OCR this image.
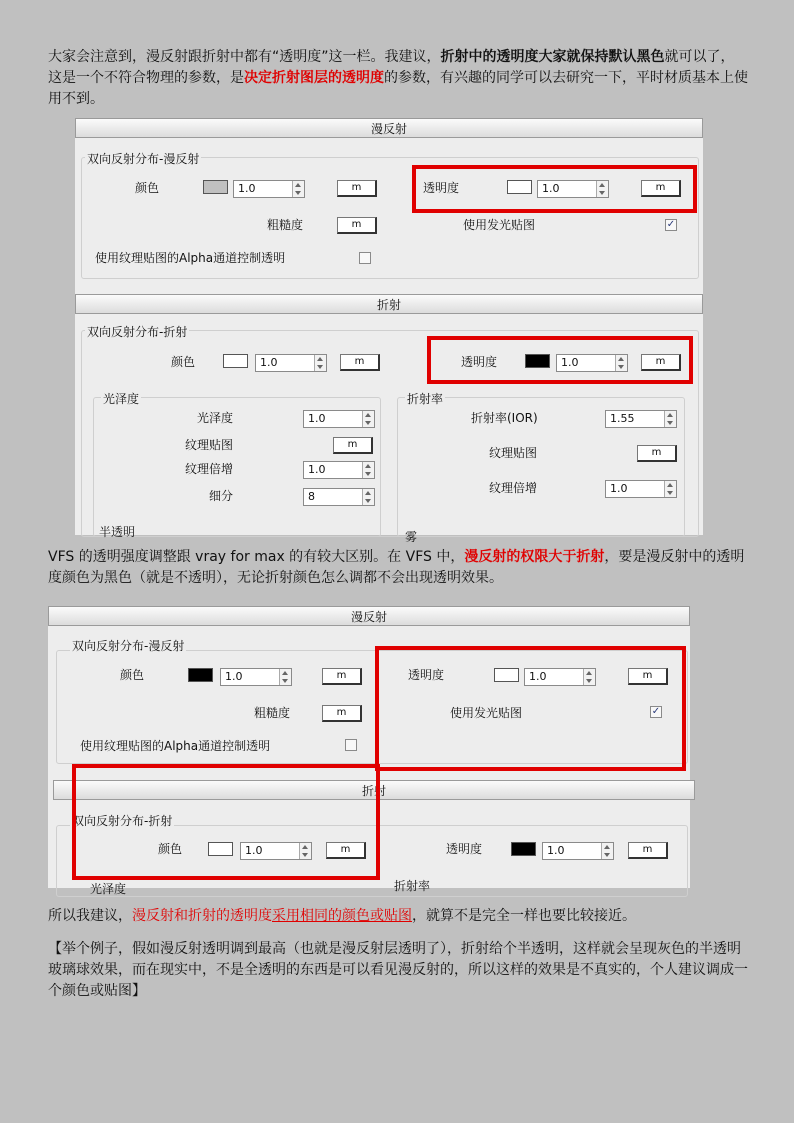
大家会注意到，漫反射跟折射中都有“透明度”这一栏。我建议，折射中的透明度大家就保持默认黑色就可以了，这是一个不符合物理的参数，是决定折射图层的透明度的参数，有兴趣的同学可以去研究一下，平时材质基本上使用不到。
漫反射
双向反射分布-漫反射
颜色	1.0	m	透明度	1.0	m
粗糙度	m	使用发光贴图	✓
使用纹理贴图的Alpha通道控制透明
折射
双向反射分布-折射
颜色	1.0	m	透明度	1.0	m
光泽度
光泽度	1.0
纹理贴图	m
纹理倍增	1.0
细分	8
折射率
折射率(IOR)	1.55
纹理贴图	m
纹理倍增	1.0
半透明	雾
VFS 的透明强度调整跟 vray for max 的有较大区别。在 VFS 中，漫反射的权限大于折射，要是漫反射中的透明度颜色为黑色（就是不透明），无论折射颜色怎么调都不会出现透明效果。
漫反射
双向反射分布-漫反射
颜色	1.0	m	透明度	1.0	m
粗糙度	m	使用发光贴图	✓
使用纹理贴图的Alpha通道控制透明
折射
双向反射分布-折射
颜色	1.0	m	透明度	1.0	m
光泽度	折射率
所以我建议，漫反射和折射的透明度采用相同的颜色或贴图，就算不是完全一样也要比较接近。
【举个例子，假如漫反射透明调到最高（也就是漫反射层透明了），折射给个半透明，这样就会呈现灰色的半透明玻璃球效果，而在现实中，不是全透明的东西是可以看见漫反射的，所以这样的效果是不真实的，个人建议调成一个颜色或贴图】
